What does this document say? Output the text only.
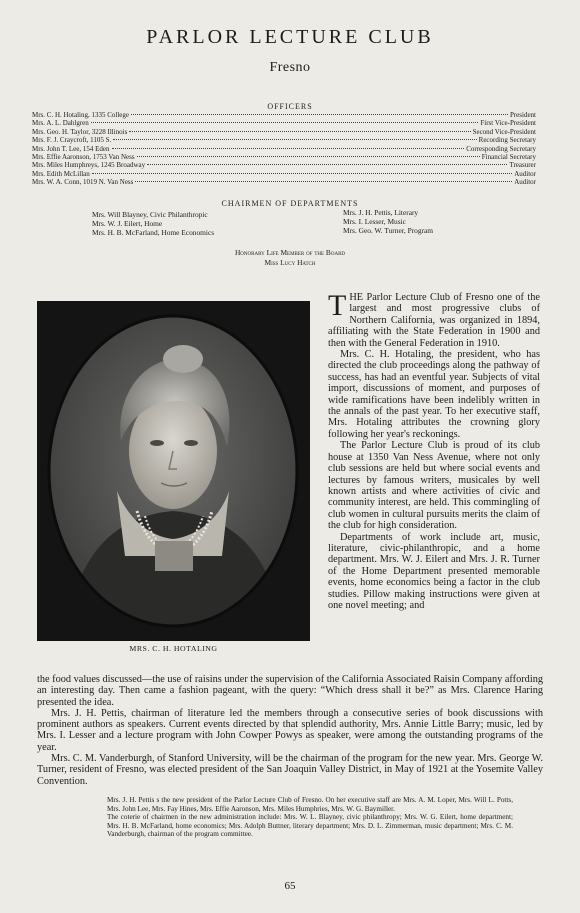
PARLOR LECTURE CLUB
Fresno
OFFICERS
Mrs. C. H. Hotaling, 1335 College	President
Mrs. A. L. Dahlgren	First Vice-President
Mrs. Geo. H. Taylor, 3228 Illinois	Second Vice-President
Mrs. F. J. Craycroft, 1105 S.	Recording Secretary
Mrs. John T. Lee, 154 Eden	Corresponding Secretary
Mrs. Effie Aaronson, 1753 Van Ness	Financial Secretary
Mrs. Miles Humphreys, 1245 Broadway	Treasurer
Mrs. Edith McLillan	Auditor
Mrs. W. A. Conn, 1019 N. Van Ness	Auditor
CHAIRMEN OF DEPARTMENTS
Mrs. Will Blayney, Civic Philanthropic
Mrs. W. J. Eilert, Home
Mrs. H. B. McFarland, Home Economics
Mrs. J. H. Pettis, Literary
Mrs. I. Lesser, Music
Mrs. Geo. W. Turner, Program
Honorary Life Member of the Board
Miss Lucy Hatch
MRS. C. H. HOTALING

THE Parlor Lecture Club of Fresno one of the largest and most progressive clubs of Northern California, was organized in 1894, affiliating with the State Federation in 1900 and then with the General Federation in 1910.

Mrs. C. H. Hotaling, the president, who has directed the club proceedings along the pathway of success, has had an eventful year. Subjects of vital import, discussions of moment, and purposes of wide ramifications have been indelibly written in the annals of the past year. To her executive staff, Mrs. Hotaling attributes the crowning glory following her year's reckonings.

The Parlor Lecture Club is proud of its club house at 1350 Van Ness Avenue, where not only club sessions are held but where social events and lectures by famous writers, musicales by well known artists and where activities of civic and community interest, are held. This commingling of club women in cultural pursuits merits the claim of the club for high consideration.

Departments of work include art, music, literature, civic-philanthropic, and a home department. Mrs. W. J. Eilert and Mrs. J. R. Turner of the Home Department presented memorable events, home economics being a factor in the club studies. Pillow making instructions were given at one novel meeting; and

the food values discussed—the use of raisins under the supervision of the California Associated Raisin Company affording an interesting day. Then came a fashion pageant, with the query: “Which dress shall it be?” as Mrs. Clarence Haring presented the idea.

Mrs. J. H. Pettis, chairman of literature led the members through a consecutive series of book discussions with prominent authors as speakers. Current events directed by that splendid authority, Mrs. Annie Little Barry; music, led by Mrs. I. Lesser and a lecture program with John Cowper Powys as speaker, were among the outstanding programs of the year.

Mrs. C. M. Vanderburgh, of Stanford University, will be the chairman of the program for the new year. Mrs. George W. Turner, resident of Fresno, was elected president of the San Joaquin Valley District, in May of 1921 at the Yosemite Valley Convention.

Mrs. J. H. Pettis s the new president of the Parlor Lecture Club of Fresno. On her executive staff are Mrs. A. M. Loper, Mrs. Will L. Potts, Mrs. John Lee, Mrs. Fay Hines, Mrs. Effie Aaronson, Mrs. Miles Humphries, Mrs. W. G. Baymiller.

The coterie of chairmen in the new administration include: Mrs. W. L. Blayney, civic philanthropy; Mrs. W. G. Eilert, home department; Mrs. H. B. McFarland, home economics; Mrs. Adolph Buttner, literary department; Mrs. D. L. Zimmerman, music department; Mrs. C. M. Vanderburgh, chairman of the program committee.

65
